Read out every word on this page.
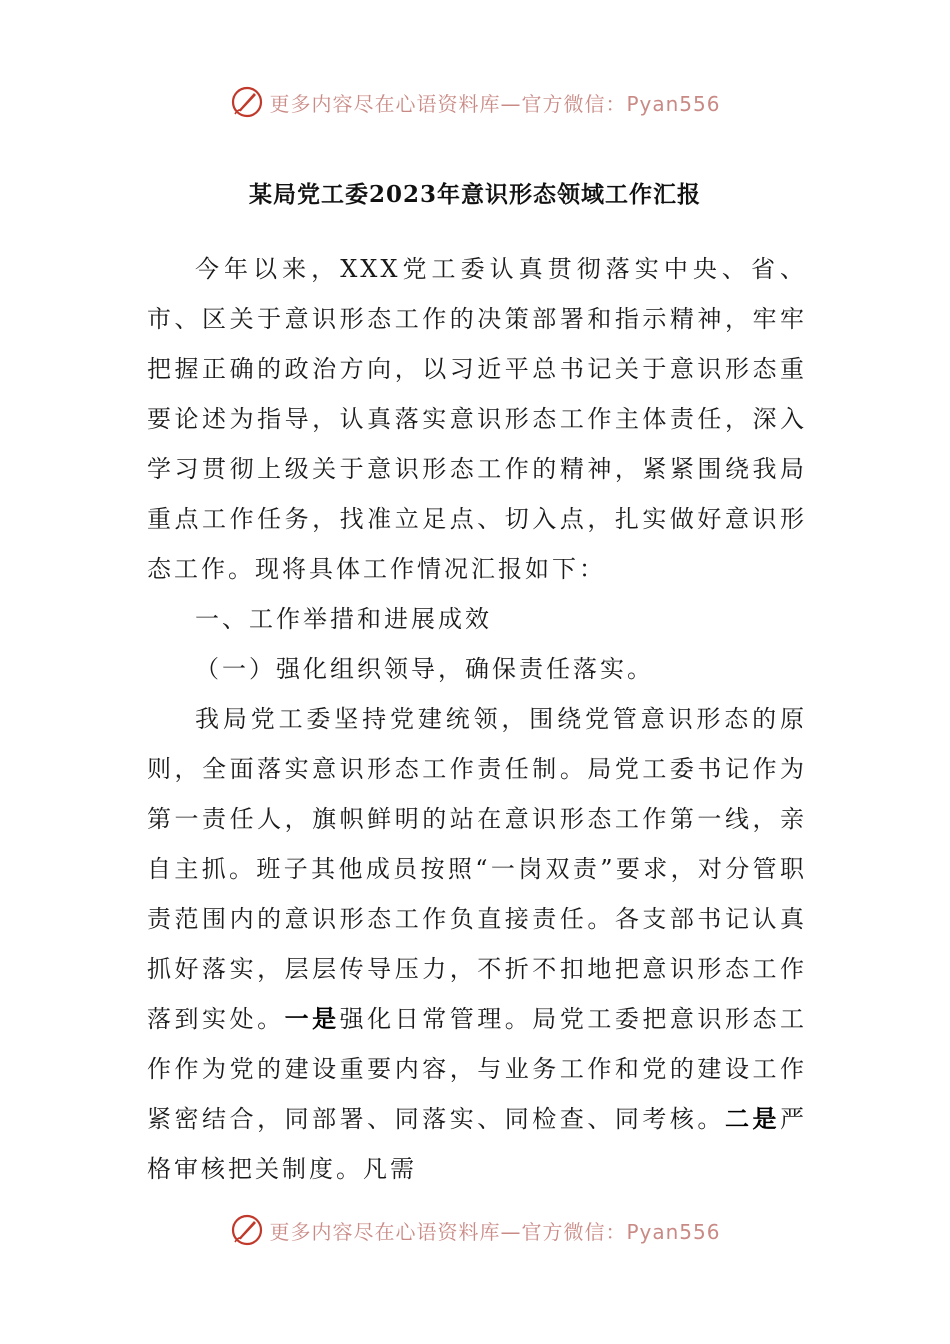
更多内容尽在心语资料库—官方微信：Pyan556
某局党工委2023年意识形态领域工作汇报

今年以来，XXX党工委认真贯彻落实中央、省、市、区关于意识形态工作的决策部署和指示精神，牢牢把握正确的政治方向，以习近平总书记关于意识形态重要论述为指导，认真落实意识形态工作主体责任，深入学习贯彻上级关于意识形态工作的精神，紧紧围绕我局重点工作任务，找准立足点、切入点，扎实做好意识形态工作。现将具体工作情况汇报如下：

一、工作举措和进展成效

（一）强化组织领导，确保责任落实。

我局党工委坚持党建统领，围绕党管意识形态的原则，全面落实意识形态工作责任制。局党工委书记作为第一责任人，旗帜鲜明的站在意识形态工作第一线，亲自主抓。班子其他成员按照“一岗双责”要求，对分管职责范围内的意识形态工作负直接责任。各支部书记认真抓好落实，层层传导压力，不折不扣地把意识形态工作落到实处。一是强化日常管理。局党工委把意识形态工作作为党的建设重要内容，与业务工作和党的建设工作紧密结合，同部署、同落实、同检查、同考核。二是严格审核把关制度。凡需

更多内容尽在心语资料库—官方微信：Pyan556
